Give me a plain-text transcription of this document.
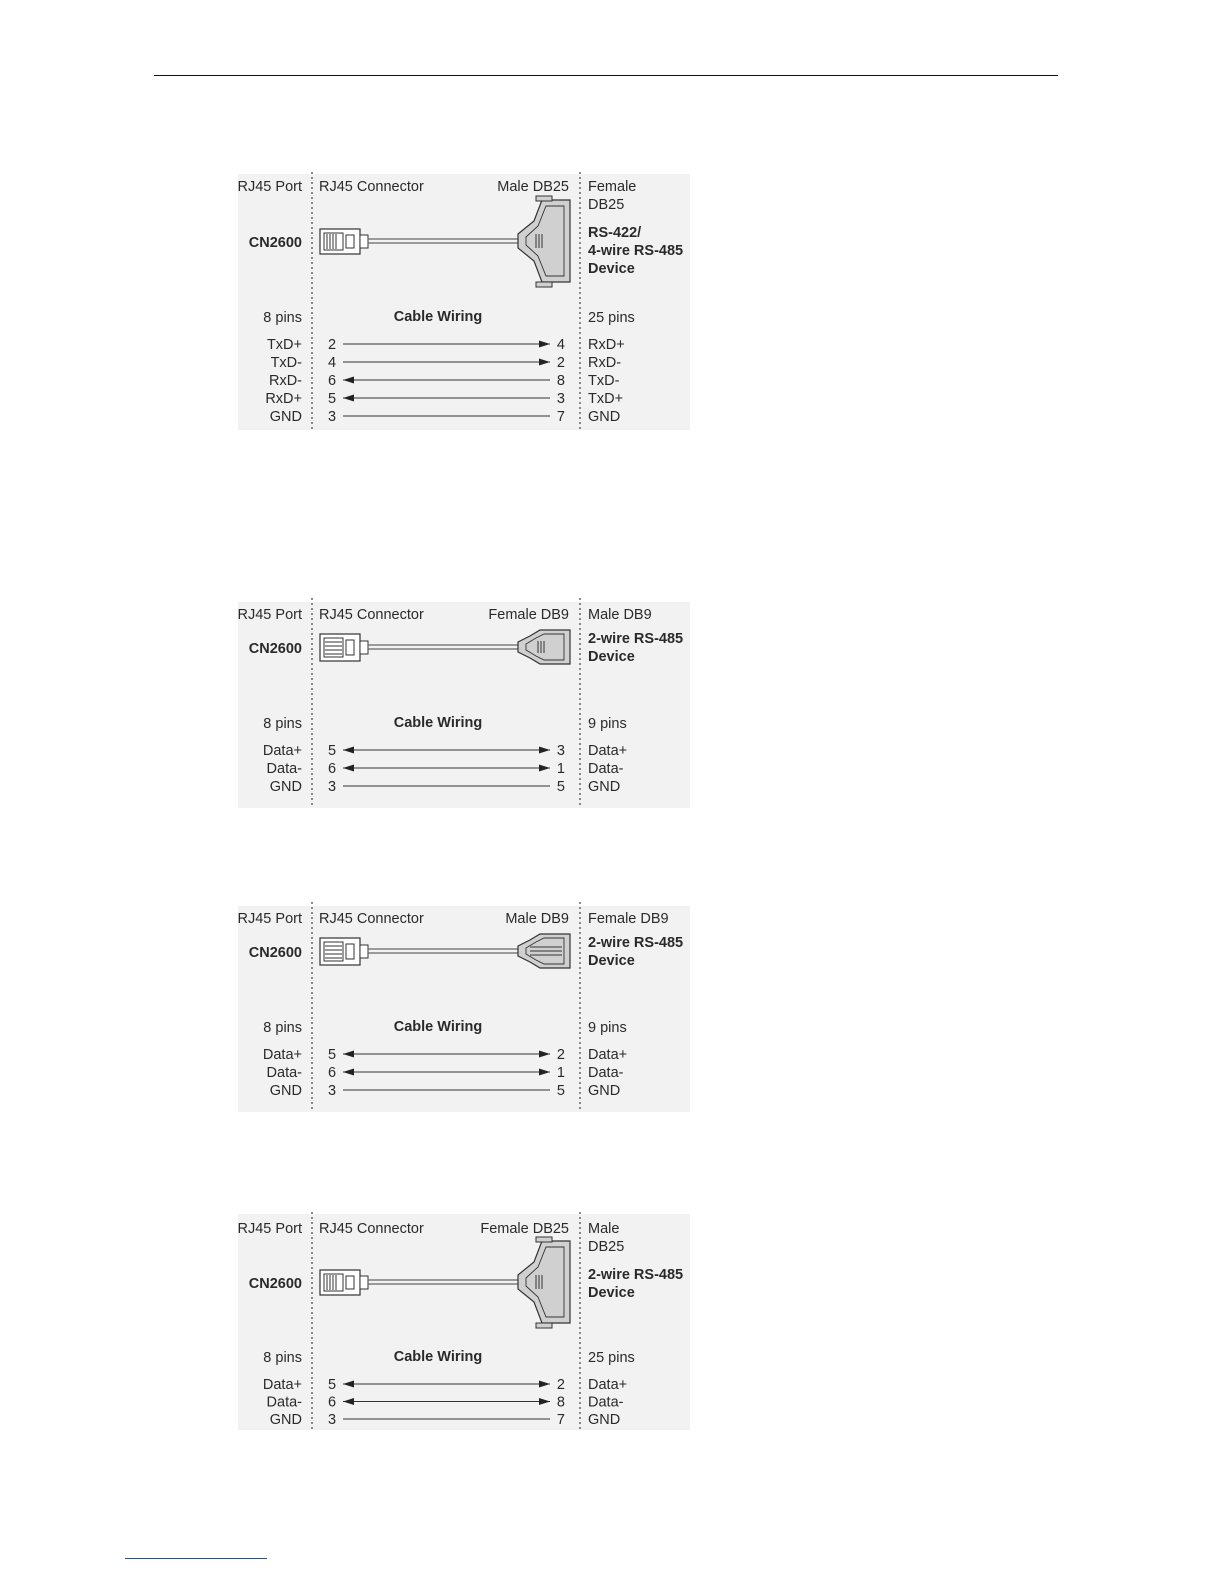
RJ45 Port RJ45 Connector	Male DB25 Female
DB25
CN2600
RS-422/
4-wire RS-485
Device
8 pins	Cable Wiring	25 pins
TxD+ 2	4 RxD+
TxD- 4	2 RxD-
RxD- 6	8 TxD-
RxD+ 5	3 TxD+
GND 3	7 GND
RJ45 Port RJ45 Connector	Female DB9 Male DB9
CN2600
2-wire RS-485
Device
8 pins	Cable Wiring	9 pins
Data+ 5	3 Data+
Data- 6	1 Data-
GND 3	5 GND
RJ45 Port RJ45 Connector	Male DB9 Female DB9
CN2600
2-wire RS-485
Device
8 pins	Cable Wiring	9 pins
Data+ 5	2 Data+
Data- 6	1 Data-
GND 3	5 GND
RJ45 Port RJ45 Connector	Female DB25 Male
DB25
CN2600
2-wire RS-485
Device
8 pins	Cable Wiring	25 pins
Data+ 5	2 Data+
Data- 6	8 Data-
GND 3	7 GND
